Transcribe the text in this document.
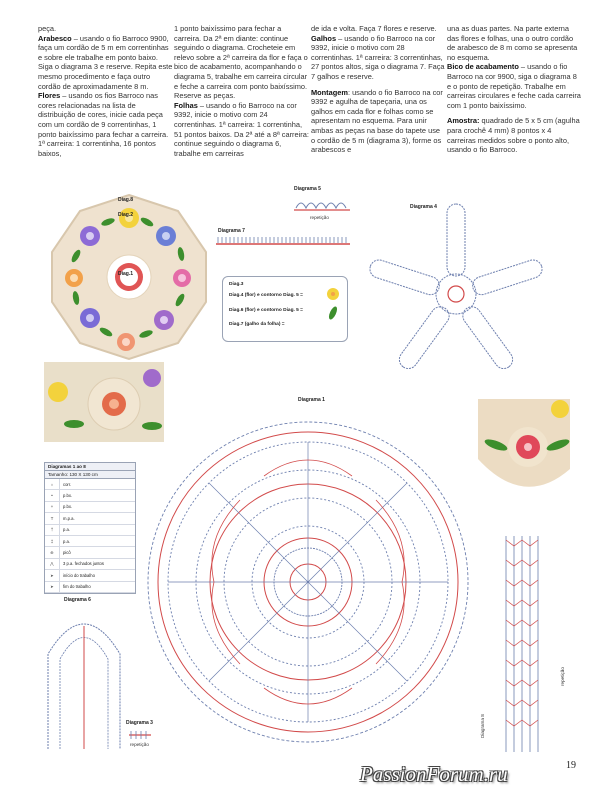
peça.

Arabesco – usando o fio Barroco 9900, faça um cordão de 5 m em correntinhas e sobre ele trabalhe em ponto baixo. Siga o diagrama 3 e reserve. Repita este mesmo procedimento e faça outro cordão de aproximadamente 8 m.

Flores – usando os fios Barroco nas cores relacionadas na lista de distribuição de cores, inicie cada peça com um cordão de 9 correntinhas, 1 ponto baixíssimo para fechar a carreira. 1ª carreira: 1 correntinha, 16 pontos baixos,

1 ponto baixíssimo para fechar a carreira. Da 2ª em diante: continue seguindo o diagrama. Crocheteie em relevo sobre a 2ª carreira da flor e faça o bico de acabamento, acompanhando o diagrama 5, trabalhe em carreira circular e feche a carreira com ponto baixíssimo. Reserve as peças.

Folhas – usando o fio Barroco na cor 9392, inicie o motivo com 24 correntinhas. 1ª carreira: 1 correntinha, 51 pontos baixos. Da 2ª até a 8ª carreira: continue seguindo o diagrama 6, trabalhe em carreiras

de ida e volta. Faça 7 flores e reserve.

Galhos – usando o fio Barroco na cor 9392, inicie o motivo com 28 correntinhas. 1ª carreira: 3 correntinhas, 27 pontos altos, siga o diagrama 7. Faça 7 galhos e reserve.

Montagem: usando o fio Barroco na cor 9392 e agulha de tapeçaria, una os galhos em cada flor e folhas como se apresentam no esquema. Para unir ambas as peças na base do tapete use o cordão de 5 m (diagrama 3), forme os arabescos e

una as duas partes. Na parte externa das flores e folhas, una o outro cordão de arabesco de 8 m como se apresenta no esquema.

Bico de acabamento – usando o fio Barroco na cor 9900, siga o diagrama 8 e o ponto de repetição. Trabalhe em carreiras circulares e feche cada carreira com 1 ponto baixíssimo.

Amostra: quadrado de 5 x 5 cm (agulha para crochê 4 mm) 8 pontos x 4 carreiras medidos sobre o ponto alto, usando o fio Barroco.

Diag.8
Diag.2
Diag.1
Diagrama 5
repetição
Diagrama 7
Diag.3
Diag.4 (flor) e contorno Diag. 5 =
Diag.6 (flor) e contorno Diag. 5 =
Diag.7 (galho da folha) =
Diagrama 4
Diagrama 1
Diagramas 1 ao 8
Tamanho: 130 X 130 cm
○	corr.
•	p.bx.
+	p.bx.
T	m.p.a.
†	p.a.
‡	p.a.
⊕	picô
⋀	3 p.a. fechados juntos
➤	início do trabalho
➤	fim do trabalho
Diagrama 6
Diagrama 3
repetição
Diagrama 8
repetição
PassionForum.ru	19
